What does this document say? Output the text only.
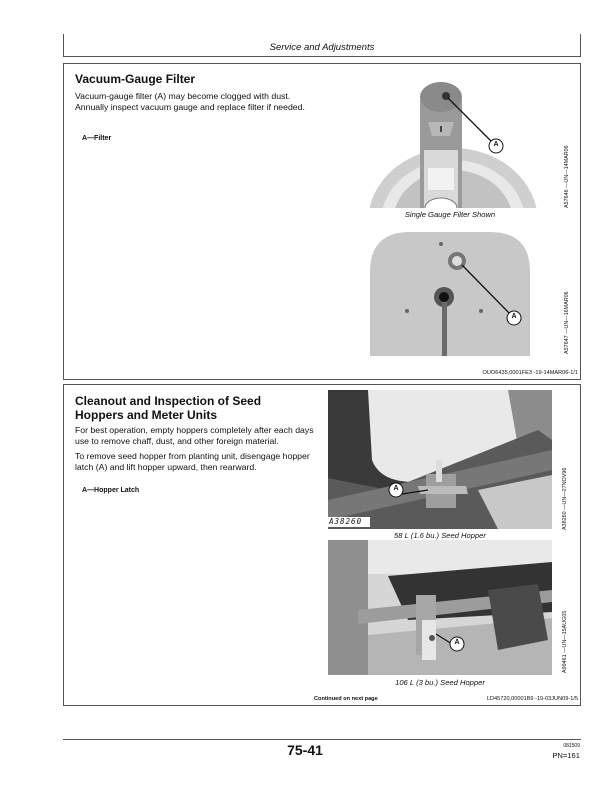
Service and Adjustments
Vacuum-Gauge Filter
Vacuum-gauge filter (A) may become clogged with dust. Annually inspect vacuum gauge and replace filter if needed.
A—Filter
A
Single Gauge Filter Shown
A57646 —UN—14MAR06
A	A57647 —UN—16MAR06
OUO6435,0001FE3 -19-14MAR06-1/1
Cleanout and Inspection of Seed
Hoppers and Meter Units
For best operation, empty hoppers completely after each days use to remove chaff, dust, and other foreign material.
To remove seed hopper from planting unit, disengage hopper latch (A) and lift hopper upward, then rearward.
A—Hopper Latch	A
A38260
58 L (1.6 bu.) Seed Hopper
A38260 —UN—27NOV96
A
106 L (3 bu.) Seed Hopper
A99461 —UN—15AUG05
Continued on next page	LD45720,00001B9 -19-03JUN09-1/5
75-41	081509
PN=161
